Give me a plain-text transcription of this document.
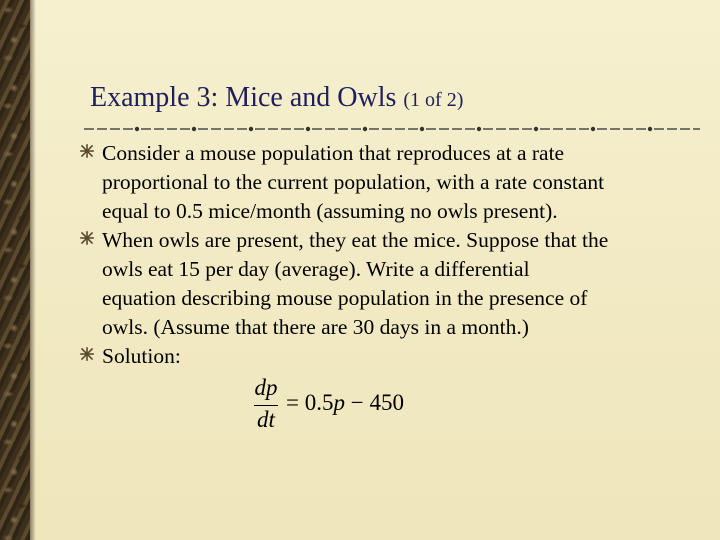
Example 3: Mice and Owls (1 of 2)
Consider a mouse population that reproduces at a rate
proportional to the current population, with a rate constant
equal to 0.5 mice/month (assuming no owls present).
When owls are present, they eat the mice. Suppose that the
owls eat 15 per day (average). Write a differential
equation describing mouse population in the presence of
owls. (Assume that there are 30 days in a month.)
Solution:
dp
dt
= 0.5p − 450
